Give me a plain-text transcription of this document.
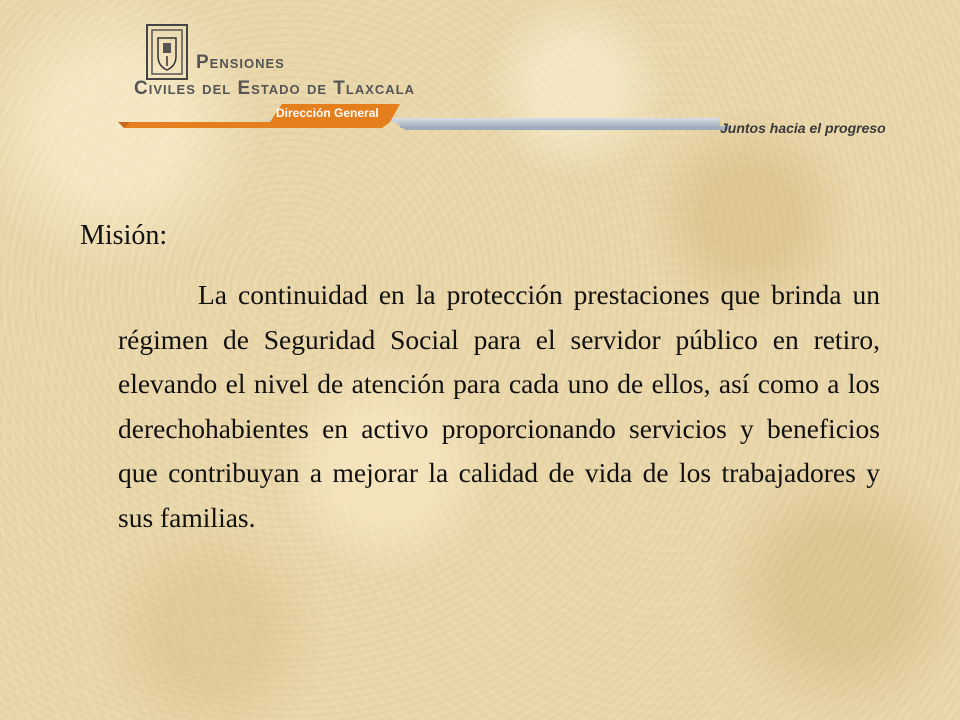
Pensiones
Civiles del Estado de Tlaxcala
Dirección General
Juntos hacia el progreso
Misión:

La continuidad en la protección prestaciones que brinda un régimen de Seguridad Social para el servidor público en retiro, elevando el nivel de atención para cada uno de ellos, así como a los derechohabientes en activo proporcionando servicios y beneficios que contribuyan a mejorar la calidad de vida de los trabajadores y sus familias.
